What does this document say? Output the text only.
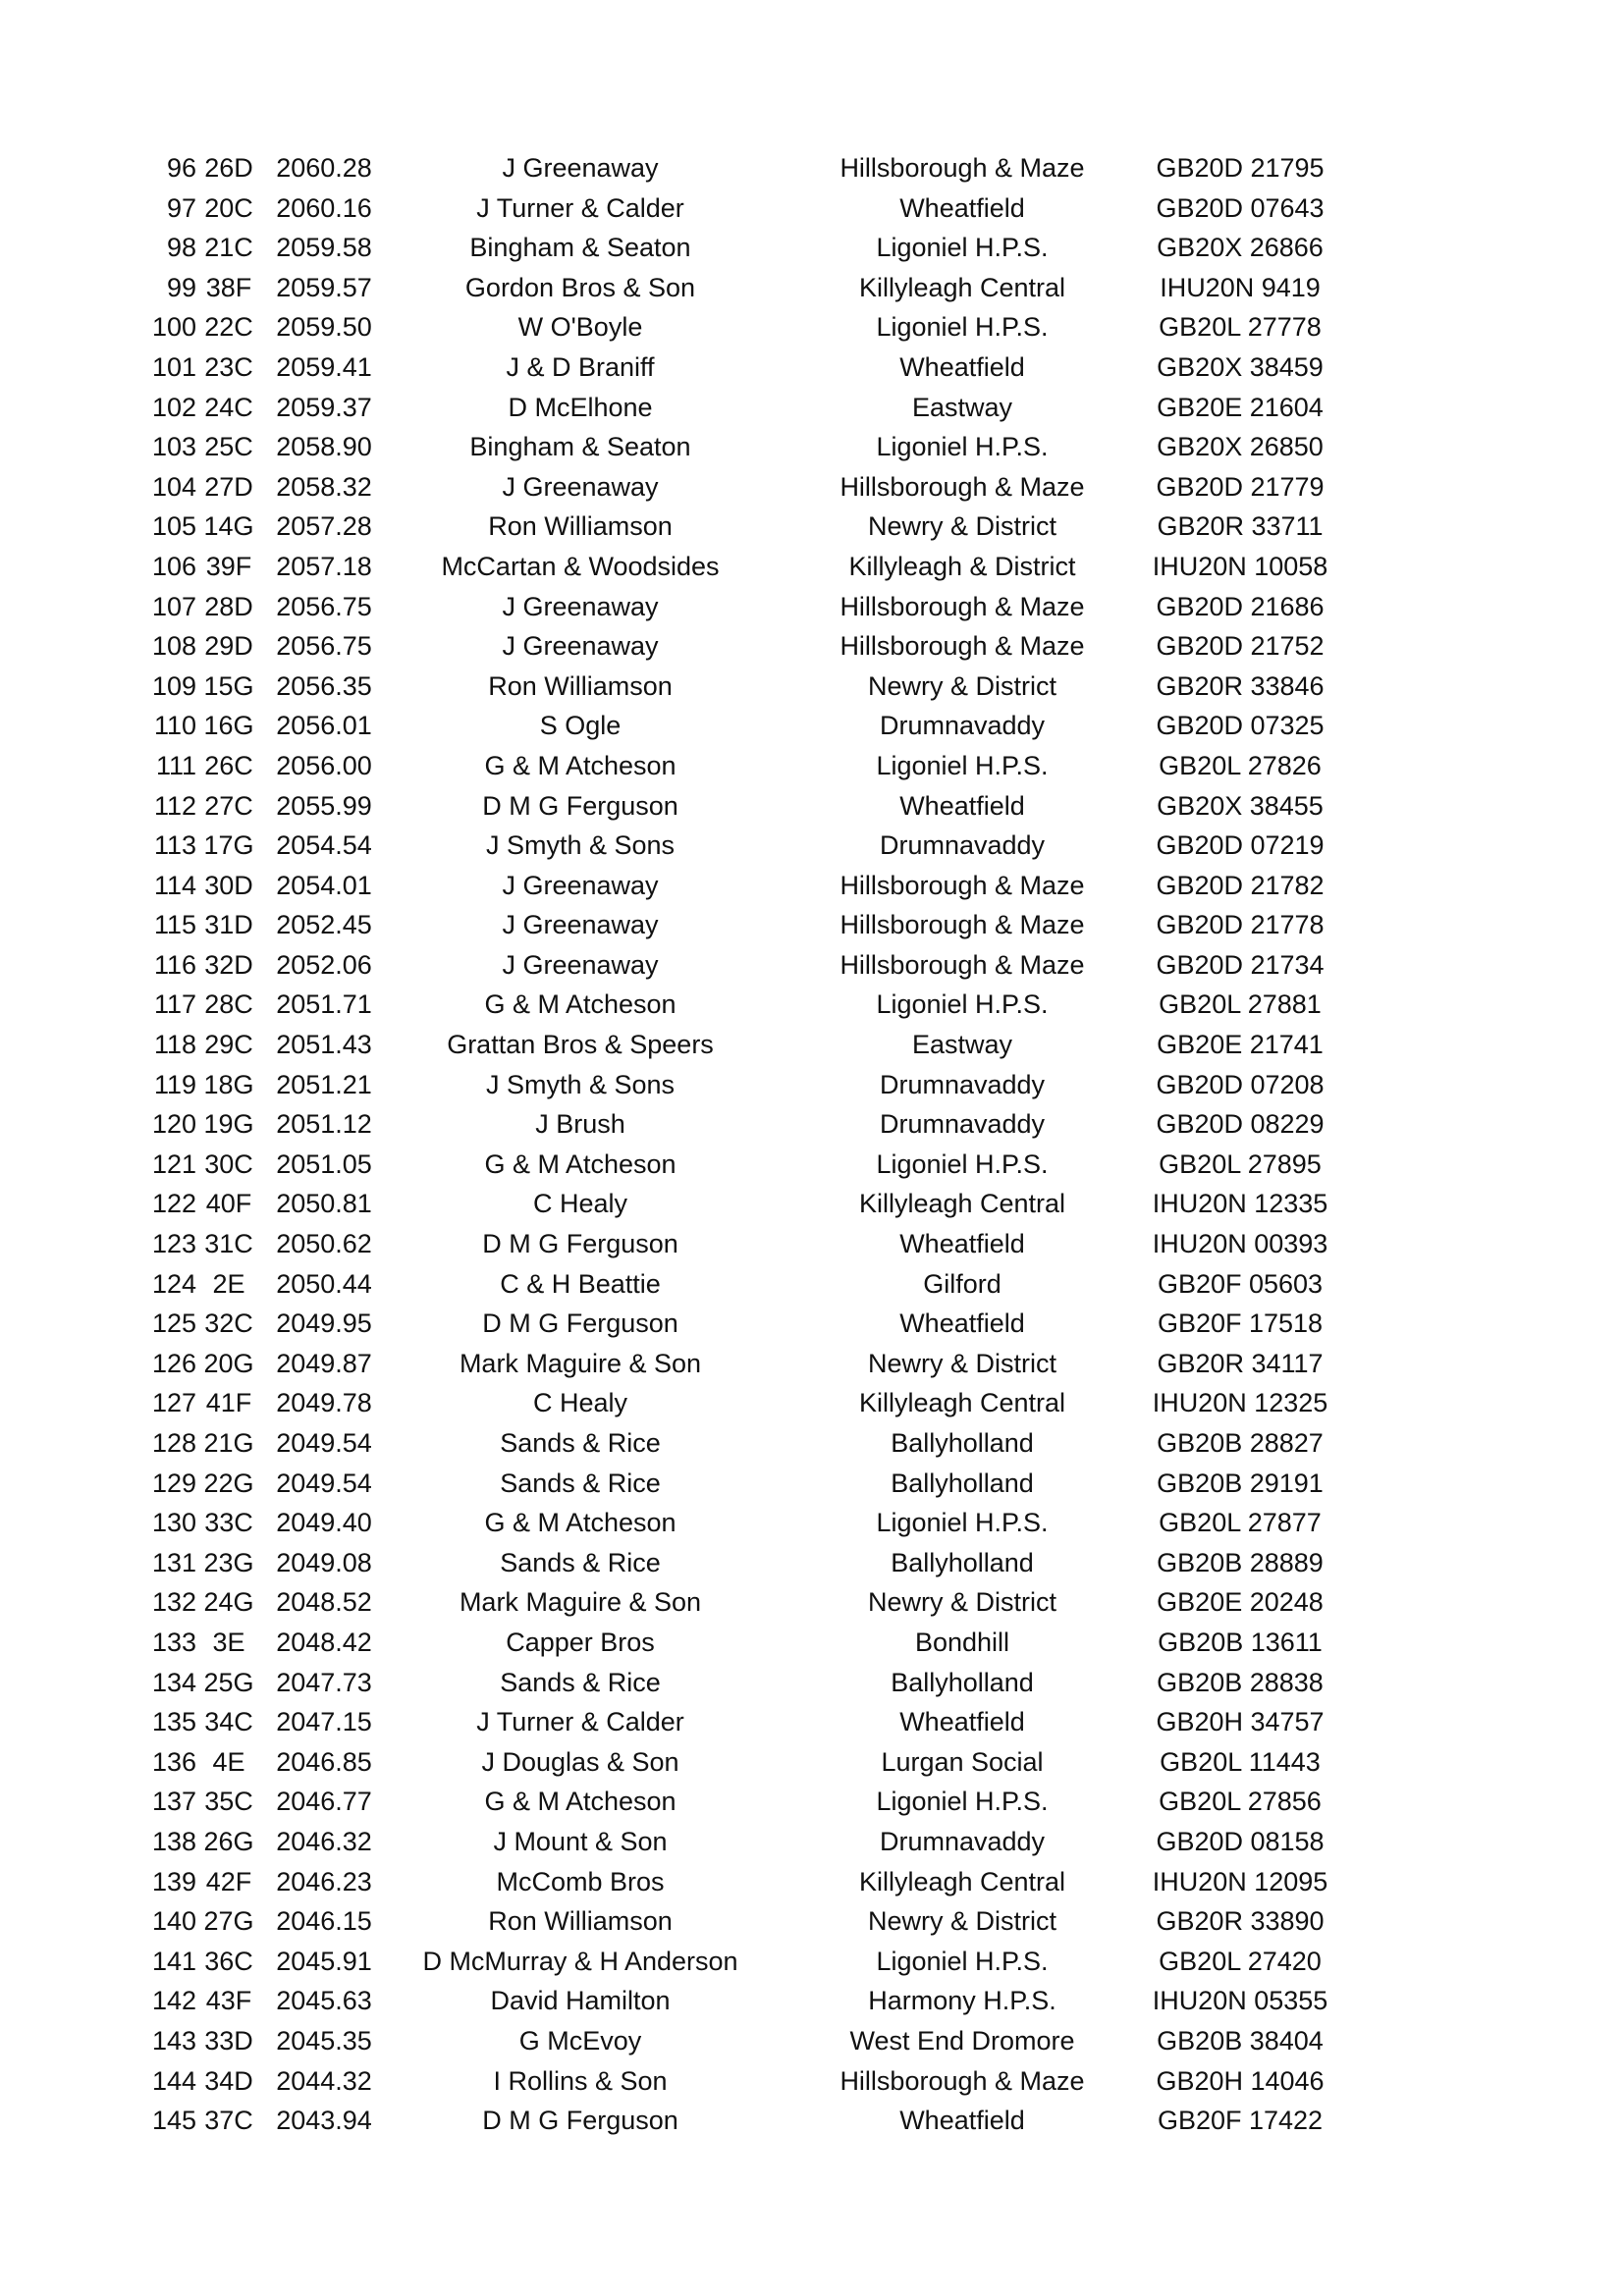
96	26D	2060.28	J Greenaway	Hillsborough & Maze	GB20D 21795
97	20C	2060.16	J Turner & Calder	Wheatfield	GB20D 07643
98	21C	2059.58	Bingham & Seaton	Ligoniel H.P.S.	GB20X 26866
99	38F	2059.57	Gordon Bros & Son	Killyleagh Central	IHU20N 9419
100	22C	2059.50	W O'Boyle	Ligoniel H.P.S.	GB20L 27778
101	23C	2059.41	J & D Braniff	Wheatfield	GB20X 38459
102	24C	2059.37	D McElhone	Eastway	GB20E 21604
103	25C	2058.90	Bingham & Seaton	Ligoniel H.P.S.	GB20X 26850
104	27D	2058.32	J Greenaway	Hillsborough & Maze	GB20D 21779
105	14G	2057.28	Ron Williamson	Newry & District	GB20R 33711
106	39F	2057.18	McCartan & Woodsides	Killyleagh & District	IHU20N 10058
107	28D	2056.75	J Greenaway	Hillsborough & Maze	GB20D 21686
108	29D	2056.75	J Greenaway	Hillsborough & Maze	GB20D 21752
109	15G	2056.35	Ron Williamson	Newry & District	GB20R 33846
110	16G	2056.01	S Ogle	Drumnavaddy	GB20D 07325
111	26C	2056.00	G & M Atcheson	Ligoniel H.P.S.	GB20L 27826
112	27C	2055.99	D M G Ferguson	Wheatfield	GB20X 38455
113	17G	2054.54	J Smyth & Sons	Drumnavaddy	GB20D 07219
114	30D	2054.01	J Greenaway	Hillsborough & Maze	GB20D 21782
115	31D	2052.45	J Greenaway	Hillsborough & Maze	GB20D 21778
116	32D	2052.06	J Greenaway	Hillsborough & Maze	GB20D 21734
117	28C	2051.71	G & M Atcheson	Ligoniel H.P.S.	GB20L 27881
118	29C	2051.43	Grattan Bros & Speers	Eastway	GB20E 21741
119	18G	2051.21	J Smyth & Sons	Drumnavaddy	GB20D 07208
120	19G	2051.12	J Brush	Drumnavaddy	GB20D 08229
121	30C	2051.05	G & M Atcheson	Ligoniel H.P.S.	GB20L 27895
122	40F	2050.81	C Healy	Killyleagh Central	IHU20N 12335
123	31C	2050.62	D M G Ferguson	Wheatfield	IHU20N 00393
124	2E	2050.44	C & H Beattie	Gilford	GB20F 05603
125	32C	2049.95	D M G Ferguson	Wheatfield	GB20F 17518
126	20G	2049.87	Mark Maguire & Son	Newry & District	GB20R 34117
127	41F	2049.78	C Healy	Killyleagh Central	IHU20N 12325
128	21G	2049.54	Sands & Rice	Ballyholland	GB20B 28827
129	22G	2049.54	Sands & Rice	Ballyholland	GB20B 29191
130	33C	2049.40	G & M Atcheson	Ligoniel H.P.S.	GB20L 27877
131	23G	2049.08	Sands & Rice	Ballyholland	GB20B 28889
132	24G	2048.52	Mark Maguire & Son	Newry & District	GB20E 20248
133	3E	2048.42	Capper Bros	Bondhill	GB20B 13611
134	25G	2047.73	Sands & Rice	Ballyholland	GB20B 28838
135	34C	2047.15	J Turner & Calder	Wheatfield	GB20H 34757
136	4E	2046.85	J Douglas & Son	Lurgan Social	GB20L 11443
137	35C	2046.77	G & M Atcheson	Ligoniel H.P.S.	GB20L 27856
138	26G	2046.32	J Mount & Son	Drumnavaddy	GB20D 08158
139	42F	2046.23	McComb Bros	Killyleagh Central	IHU20N 12095
140	27G	2046.15	Ron Williamson	Newry & District	GB20R 33890
141	36C	2045.91	D McMurray & H Anderson	Ligoniel H.P.S.	GB20L 27420
142	43F	2045.63	David Hamilton	Harmony H.P.S.	IHU20N 05355
143	33D	2045.35	G McEvoy	West End Dromore	GB20B 38404
144	34D	2044.32	I Rollins & Son	Hillsborough & Maze	GB20H 14046
145	37C	2043.94	D M G Ferguson	Wheatfield	GB20F 17422
